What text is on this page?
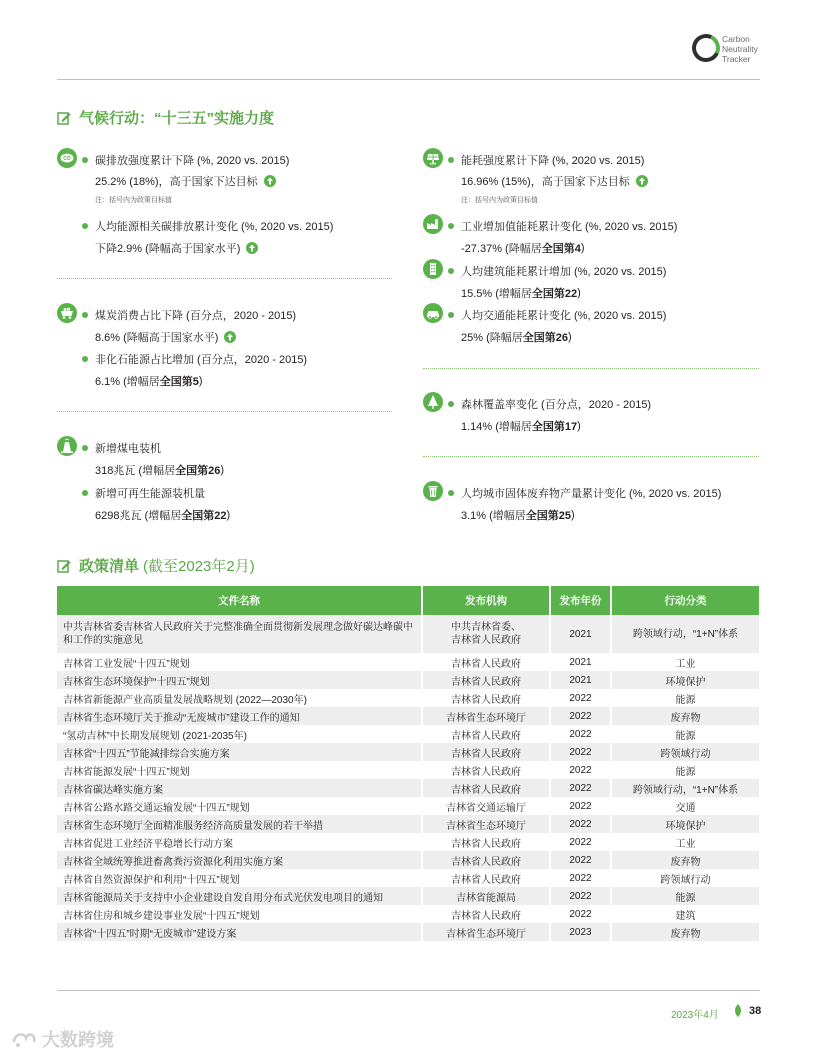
Carbon
Neutrality
Tracker
气候行动：“十三五”实施力度
CO	碳排放强度累计下降 (%, 2020 vs. 2015)
25.2% (18%)，高于国家下达目标
注：括号内为政策目标值
人均能源相关碳排放累计变化 (%, 2020 vs. 2015)
下降2.9% (降幅高于国家水平)
煤炭消费占比下降 (百分点，2020 - 2015)
8.6% (降幅高于国家水平)
非化石能源占比增加 (百分点，2020 - 2015)
6.1% (增幅居 全国第5 )
新增煤电装机
318兆瓦 (增幅居 全国第26 )
新增可再生能源装机量
6298兆瓦 (增幅居 全国第22 )
能耗强度累计下降 (%, 2020 vs. 2015)
16.96% (15%)，高于国家下达目标
注：括号内为政策目标值
工业增加值能耗累计变化 (%, 2020 vs. 2015)
-27.37% (降幅居 全国第4 )
人均建筑能耗累计增加 (%, 2020 vs. 2015)
15.5% (增幅居 全国第22 )
人均交通能耗累计变化 (%, 2020 vs. 2015)
25% (降幅居 全国第26 )
森林覆盖率变化 (百分点，2020 - 2015)
1.14% (增幅居 全国第17 )
人均城市固体废弃物产量累计变化 (%, 2020 vs. 2015)
3.1% (增幅居 全国第25 )
政策清单 (截至2023年2月)
文件名称	发布机构	发布年份	行动分类
中共吉林省委吉林省人民政府关于完整准确全面贯彻新发展理念做好碳达峰碳中和工作的实施意见	中共吉林省委、
吉林省人民政府	2021	跨领域行动，“1+N”体系
吉林省工业发展“十四五”规划	吉林省人民政府	2021	工业
吉林省生态环境保护“十四五”规划	吉林省人民政府	2021	环境保护
吉林省新能源产业高质量发展战略规划 (2022—2030年)	吉林省人民政府	2022	能源
吉林省生态环境厅关于推动“无废城市”建设工作的通知	吉林省生态环境厅	2022	废弃物
“氢动吉林”中长期发展规划 (2021-2035年)	吉林省人民政府	2022	能源
吉林省“十四五”节能减排综合实施方案	吉林省人民政府	2022	跨领域行动
吉林省能源发展“十四五”规划	吉林省人民政府	2022	能源
吉林省碳达峰实施方案	吉林省人民政府	2022	跨领域行动，“1+N”体系
吉林省公路水路交通运输发展“十四五”规划	吉林省交通运输厅	2022	交通
吉林省生态环境厅全面精准服务经济高质量发展的若干举措	吉林省生态环境厅	2022	环境保护
吉林省促进工业经济平稳增长行动方案	吉林省人民政府	2022	工业
吉林省全域统筹推进畜禽粪污资源化利用实施方案	吉林省人民政府	2022	废弃物
吉林省自然资源保护和利用“十四五”规划	吉林省人民政府	2022	跨领域行动
吉林省能源局关于支持中小企业建设自发自用分布式光伏发电项目的通知	吉林省能源局	2022	能源
吉林省住房和城乡建设事业发展“十四五”规划	吉林省人民政府	2022	建筑
吉林省“十四五”时期“无废城市”建设方案	吉林省生态环境厅	2023	废弃物
2023年4月	38
大数跨境
